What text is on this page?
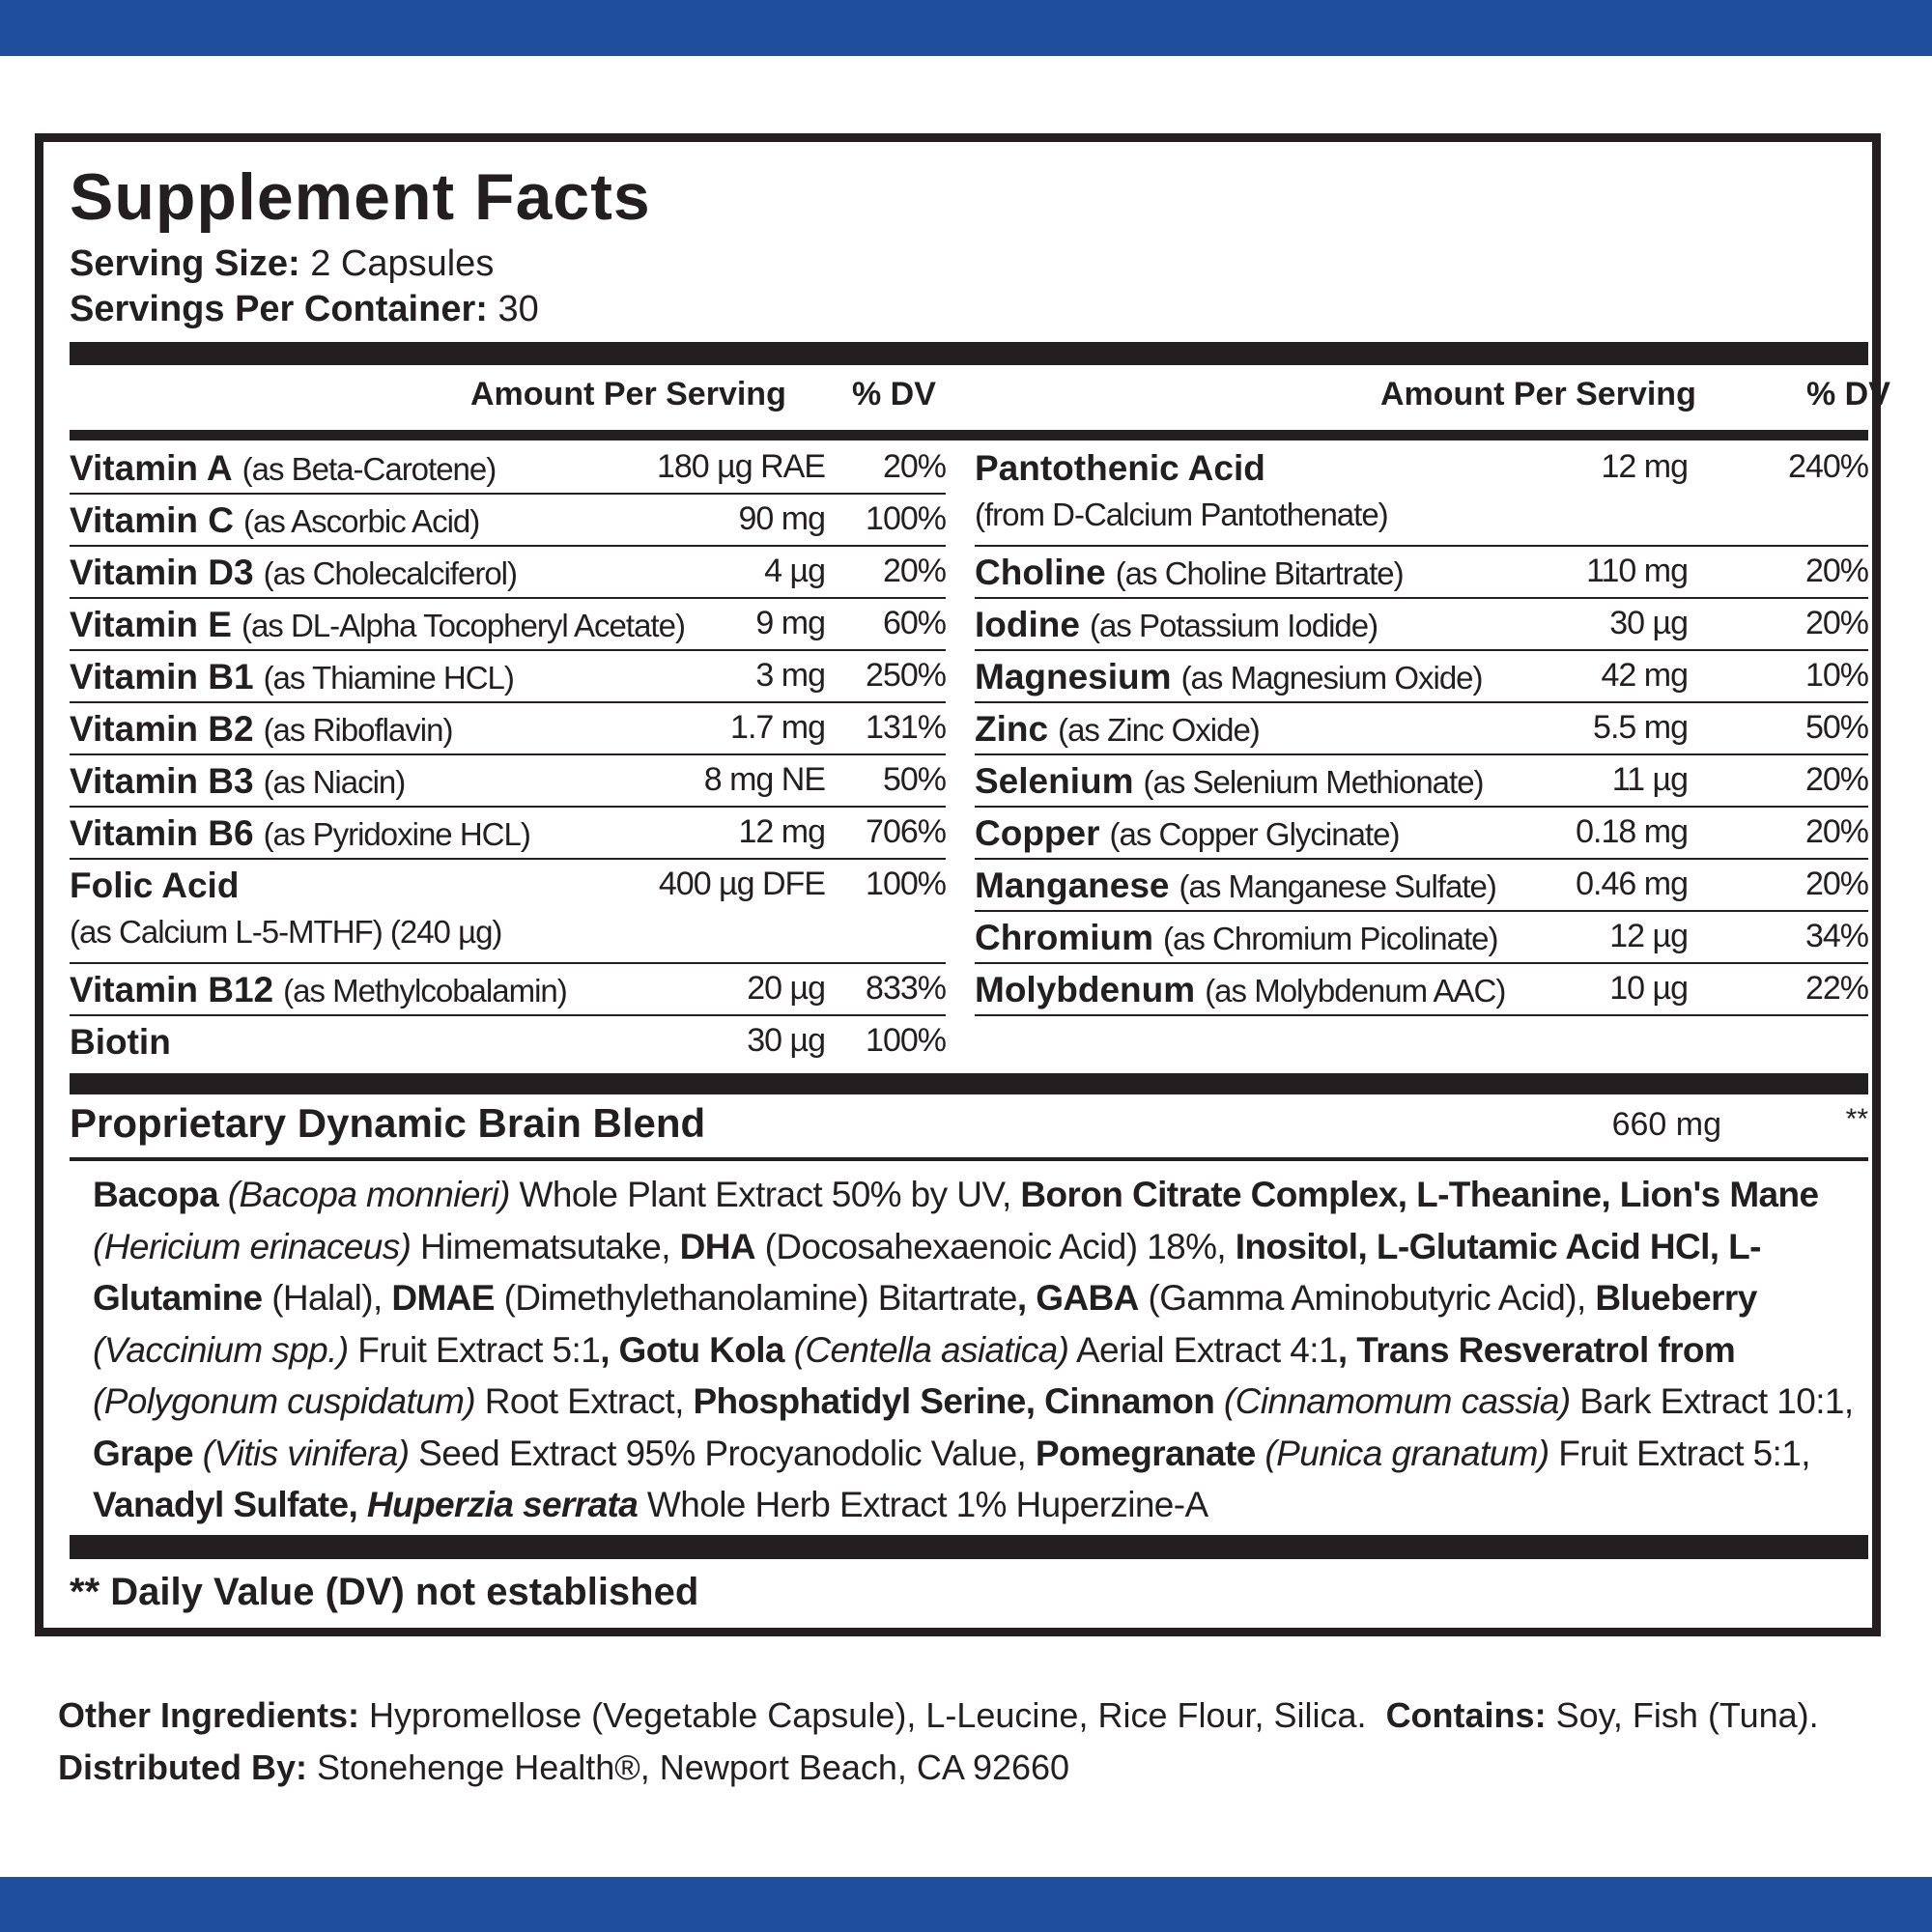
Supplement Facts
Serving Size: 2 Capsules
Servings Per Container: 30
Amount Per Serving % DV	Amount Per Serving	% DV
Vitamin A (as Beta-Carotene)	180 µg RAE	20%
Vitamin C (as Ascorbic Acid)	90 mg	100%
Vitamin D3 (as Cholecalciferol)	4 µg	20%
Vitamin E (as DL-Alpha Tocopheryl Acetate)	9 mg	60%
Vitamin B1 (as Thiamine HCL)	3 mg	250%
Vitamin B2 (as Riboflavin)	1.7 mg	131%
Vitamin B3 (as Niacin)	8 mg NE	50%
Vitamin B6 (as Pyridoxine HCL)	12 mg	706%
Folic Acid
(as Calcium L-5-MTHF) (240 µg)
400 µg DFE	100%
Vitamin B12 (as Methylcobalamin)	20 µg	833%
Biotin	30 µg	100%
Pantothenic Acid
(from D-Calcium Pantothenate)
12 mg	240%
Choline (as Choline Bitartrate)	110 mg	20%
Iodine (as Potassium Iodide)	30 µg	20%
Magnesium (as Magnesium Oxide)	42 mg	10%
Zinc (as Zinc Oxide)	5.5 mg	50%
Selenium (as Selenium Methionate)	11 µg	20%
Copper (as Copper Glycinate)	0.18 mg	20%
Manganese (as Manganese Sulfate)	0.46 mg	20%
Chromium (as Chromium Picolinate)	12 µg	34%
Molybdenum (as Molybdenum AAC)	10 µg	22%
Proprietary Dynamic Brain Blend	660 mg	**
Bacopa (Bacopa monnieri) Whole Plant Extract 50% by UV, Boron Citrate Complex, L-Theanine, Lion's Mane (Hericium erinaceus) Himematsutake, DHA (Docosahexaenoic Acid) 18%, Inositol, L-Glutamic Acid HCl, L-Glutamine (Halal), DMAE (Dimethylethanolamine) Bitartrate, GABA (Gamma Aminobutyric Acid), Blueberry (Vaccinium spp.) Fruit Extract 5:1, Gotu Kola (Centella asiatica) Aerial Extract 4:1, Trans Resveratrol from (Polygonum cuspidatum) Root Extract, Phosphatidyl Serine, Cinnamon (Cinnamomum cassia) Bark Extract 10:1, Grape (Vitis vinifera) Seed Extract 95% Procyanodolic Value, Pomegranate (Punica granatum) Fruit Extract 5:1, Vanadyl Sulfate, Huperzia serrata Whole Herb Extract 1% Huperzine-A
** Daily Value (DV) not established
Other Ingredients: Hypromellose (Vegetable Capsule), L-Leucine, Rice Flour, Silica. Contains: Soy, Fish (Tuna).
Distributed By: Stonehenge Health®, Newport Beach, CA 92660
